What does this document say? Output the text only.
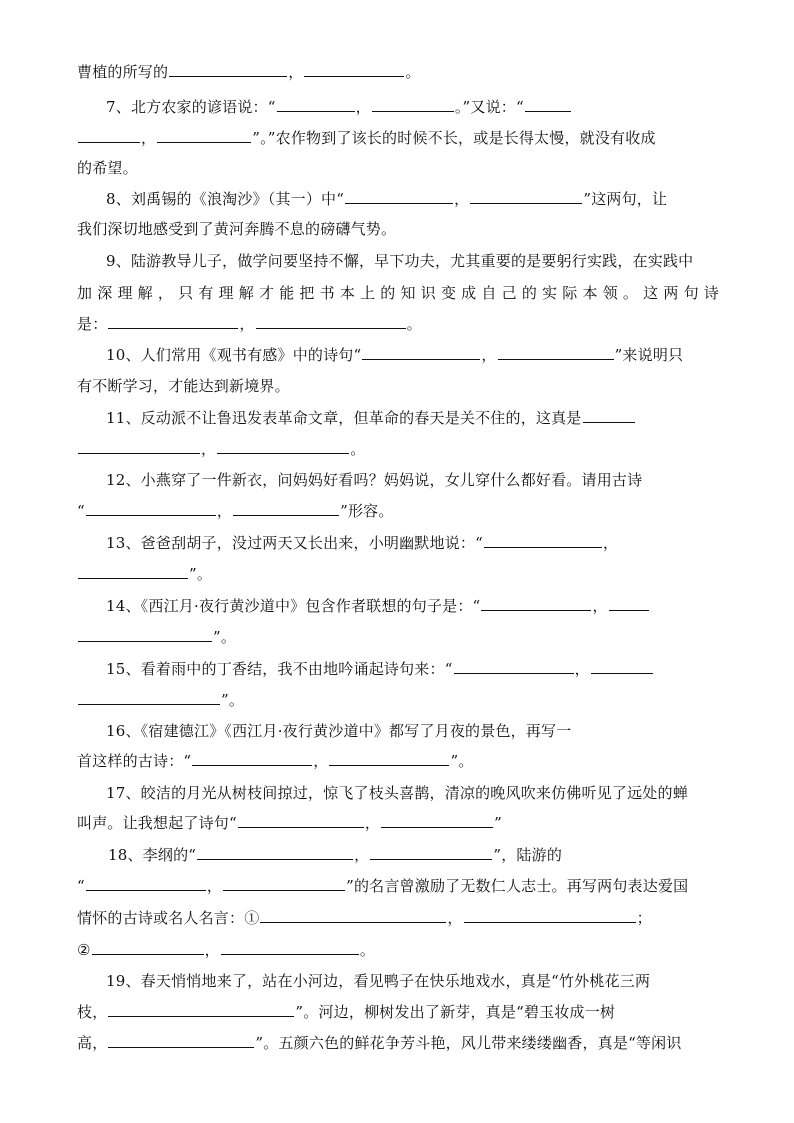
曹植的所写的	，	。
7、北方农家的谚语说：“	，	。”又说：“
，	”。”农作物到了该长的时候不长，或是长得太慢，就没有收成
的希望。
8、刘禹锡的《浪淘沙》（其一）中“	，	”这两句，让
我们深切地感受到了黄河奔腾不息的磅礴气势。
9、陆游教导儿子，做学问要坚持不懈，早下功夫，尤其重要的是要躬行实践，在实践中
加深理解，只有理解才能把书本上的知识变成自己的实际本领。这两句诗
是：	，	。
10、人们常用《观书有感》中的诗句“	，	”来说明只
有不断学习，才能达到新境界。
11、反动派不让鲁迅发表革命文章，但革命的春天是关不住的，这真是
，	。
12、小燕穿了一件新衣，问妈妈好看吗？妈妈说，女儿穿什么都好看。请用古诗
“	，	”形容。
13、爸爸刮胡子，没过两天又长出来，小明幽默地说：“	，
”。
14、《西江月·夜行黄沙道中》包含作者联想的句子是：“	，
”。
15、看着雨中的丁香结，我不由地吟诵起诗句来：“	，
”。
16、《宿建德江》《西江月·夜行黄沙道中》都写了月夜的景色，再写一
首这样的古诗：“	，	”。
17、皎洁的月光从树枝间掠过，惊飞了枝头喜鹊，清凉的晚风吹来仿佛听见了远处的蝉
叫声。让我想起了诗句“	，	”
18、李纲的“	，	”，陆游的
“	，	”的名言曾激励了无数仁人志士。再写两句表达爱国
情怀的古诗或名人名言：①	，	；
②	，	。
19、春天悄悄地来了，站在小河边，看见鸭子在快乐地戏水，真是“竹外桃花三两
枝，	”。河边，柳树发出了新芽，真是“碧玉妆成一树
高，	”。五颜六色的鲜花争芳斗艳，风儿带来缕缕幽香，真是“等闲识
